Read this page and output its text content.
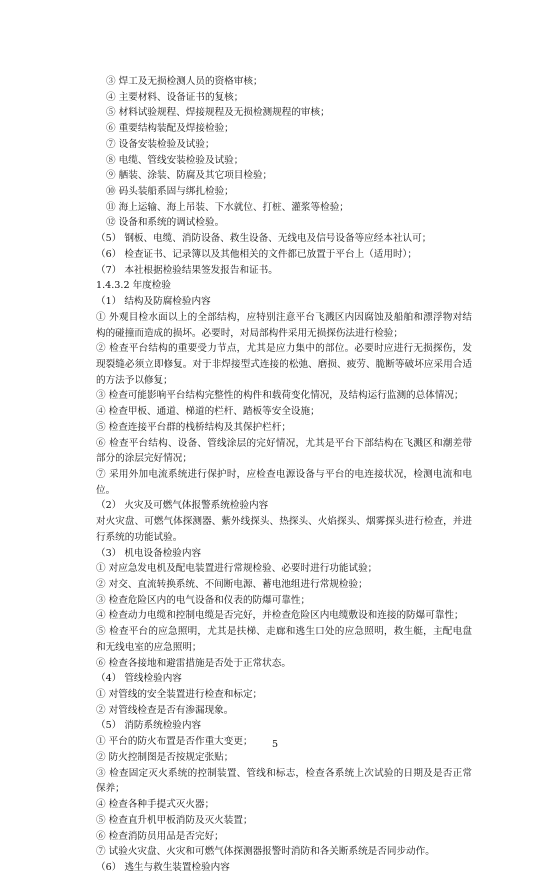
③ 焊工及无损检测人员的资格审核；
④ 主要材料、设备证书的复核；
⑤ 材料试验规程、焊接规程及无损检测规程的审核；
⑥ 重要结构装配及焊接检验；
⑦ 设备安装检验及试验；
⑧ 电缆、管线安装检验及试验；
⑨ 舾装、涂装、防腐及其它项目检验；
⑩ 码头装船系固与绑扎检验；
⑪ 海上运输、海上吊装、下水就位、打桩、灌浆等检验；
⑫ 设备和系统的调试检验。
（5） 钢板、电缆、消防设备、救生设备、无线电及信号设备等应经本社认可；
（6） 检查证书、记录簿以及其他相关的文件都已放置于平台上（适用时）；
（7） 本社根据检验结果签发报告和证书。
1.4.3.2 年度检验
（1） 结构及防腐检验内容
① 外观目检水面以上的全部结构，应特别注意平台飞溅区内因腐蚀及船舶和漂浮物对结构的碰撞而造成的损坏。必要时，对局部构件采用无损探伤法进行检验；
② 检查平台结构的重要受力节点，尤其是应力集中的部位。必要时应进行无损探伤，发现裂缝必须立即修复。对于非焊接型式连接的松弛、磨损、疲劳、脆断等破坏应采用合适的方法予以修复；
③ 检查可能影响平台结构完整性的构件和载荷变化情况，及结构运行监测的总体情况；
④ 检查甲板、通道、梯道的栏杆、踏板等安全设施；
⑤ 检查连接平台群的栈桥结构及其保护栏杆；
⑥ 检查平台结构、设备、管线涂层的完好情况，尤其是平台下部结构在飞溅区和潮差带部分的涂层完好情况；
⑦ 采用外加电流系统进行保护时，应检查电源设备与平台的电连接状况，检测电流和电位。
（2） 火灾及可燃气体报警系统检验内容
对火灾盘、可燃气体探测器、紫外线探头、热探头、火焰探头、烟雾探头进行检查，并进行系统的功能试验。
（3） 机电设备检验内容
① 对应急发电机及配电装置进行常规检验、必要时进行功能试验；
② 对交、直流转换系统、不间断电源、蓄电池组进行常规检验；
③ 检查危险区内的电气设备和仪表的防爆可靠性；
④ 检查动力电缆和控制电缆是否完好，并检查危险区内电缆敷设和连接的防爆可靠性；
⑤ 检查平台的应急照明，尤其是扶梯、走廊和逃生口处的应急照明，救生艇，主配电盘和无线电室的应急照明；
⑥ 检查各接地和避雷措施是否处于正常状态。
（4） 管线检验内容
① 对管线的安全装置进行检查和标定；
② 对管线检查是否有渗漏现象。
（5） 消防系统检验内容
① 平台的防火布置是否作重大变更；
② 防火控制图是否按规定张贴；
③ 检查固定灭火系统的控制装置、管线和标志，检查各系统上次试验的日期及是否正常保养；
④ 检查各种手提式灭火器；
⑤ 检查直升机甲板消防及灭火装置；
⑥ 检查消防员用品是否完好；
⑦ 试验火灾盘、火灾和可燃气体探测器报警时消防和各关断系统是否同步动作。
（6） 逃生与救生装置检验内容
5
